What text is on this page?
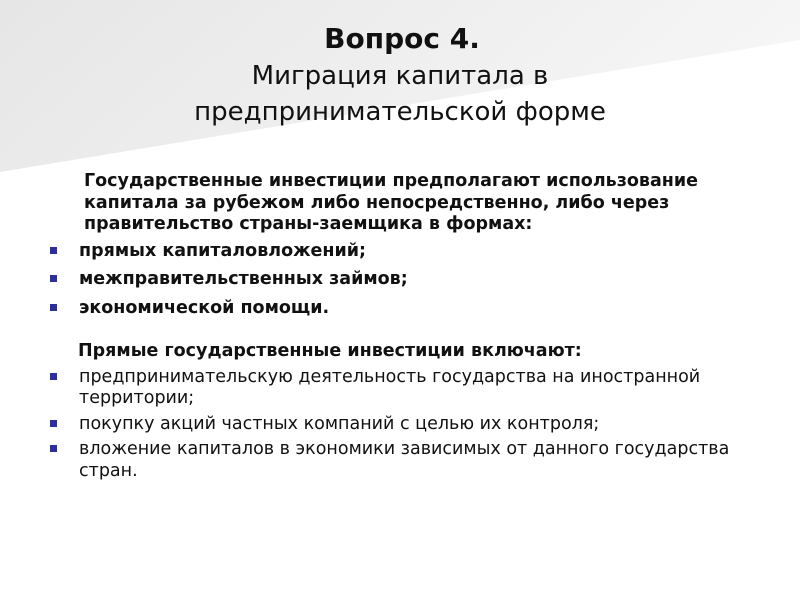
Вопрос 4.
Миграция капитала в
предпринимательской форме

Государственные инвестиции предполагают использование капитала за рубежом либо непосредственно, либо через правительство страны-заемщика в формах:

прямых капиталовложений;
межправительственных займов;
экономической помощи.

Прямые государственные инвестиции включают:

предпринимательскую деятельность государства на иностранной территории;
покупку акций частных компаний с целью их контроля;
вложение капиталов в экономики зависимых от данного государства стран.
